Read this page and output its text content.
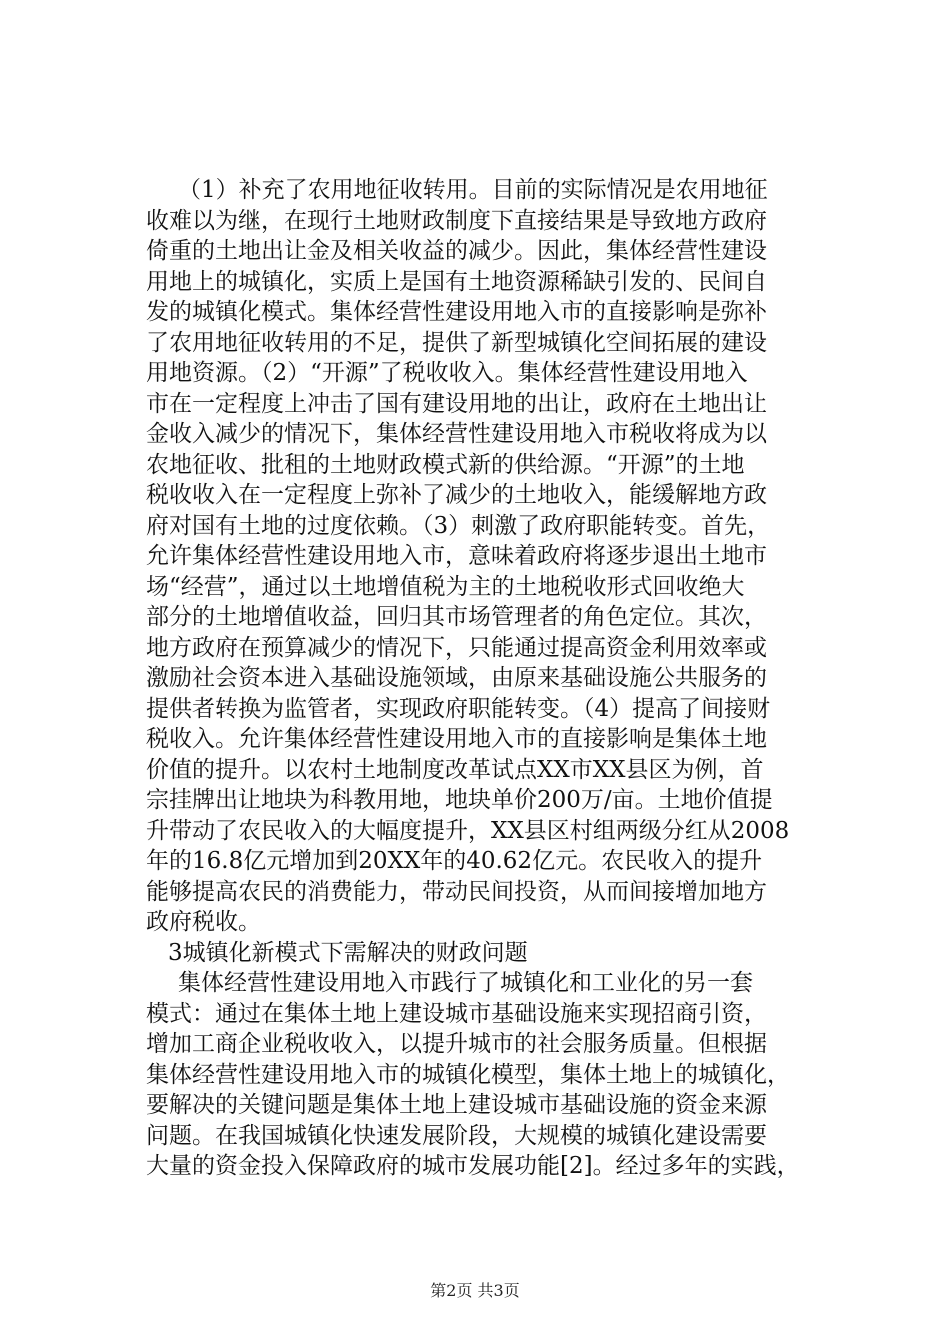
（1）补充了农用地征收转用。目前的实际情况是农用地征
收难以为继，在现行土地财政制度下直接结果是导致地方政府
倚重的土地出让金及相关收益的减少。因此，集体经营性建设
用地上的城镇化，实质上是国有土地资源稀缺引发的、民间自
发的城镇化模式。集体经营性建设用地入市的直接影响是弥补
了农用地征收转用的不足，提供了新型城镇化空间拓展的建设
用地资源。（2）“开源”了税收收入。集体经营性建设用地入
市在一定程度上冲击了国有建设用地的出让，政府在土地出让
金收入减少的情况下，集体经营性建设用地入市税收将成为以
农地征收、批租的土地财政模式新的供给源。“开源”的土地
税收收入在一定程度上弥补了减少的土地收入，能缓解地方政
府对国有土地的过度依赖。（3）刺激了政府职能转变。首先，
允许集体经营性建设用地入市，意味着政府将逐步退出土地市
场“经营”，通过以土地增值税为主的土地税收形式回收绝大
部分的土地增值收益，回归其市场管理者的角色定位。其次，
地方政府在预算减少的情况下，只能通过提高资金利用效率或
激励社会资本进入基础设施领域，由原来基础设施公共服务的
提供者转换为监管者，实现政府职能转变。（4）提高了间接财
税收入。允许集体经营性建设用地入市的直接影响是集体土地
价值的提升。以农村土地制度改革试点XX市XX县区为例，首
宗挂牌出让地块为科教用地，地块单价200万/亩。土地价值提
升带动了农民收入的大幅度提升，XX县区村组两级分红从2008
年的16.8亿元增加到20XX年的40.62亿元。农民收入的提升
能够提高农民的消费能力，带动民间投资，从而间接增加地方
政府税收。
3城镇化新模式下需解决的财政问题
集体经营性建设用地入市践行了城镇化和工业化的另一套
模式：通过在集体土地上建设城市基础设施来实现招商引资，
增加工商企业税收收入，以提升城市的社会服务质量。但根据
集体经营性建设用地入市的城镇化模型，集体土地上的城镇化，
要解决的关键问题是集体土地上建设城市基础设施的资金来源
问题。在我国城镇化快速发展阶段，大规模的城镇化建设需要
大量的资金投入保障政府的城市发展功能[2]。经过多年的实践，
第2页 共3页
